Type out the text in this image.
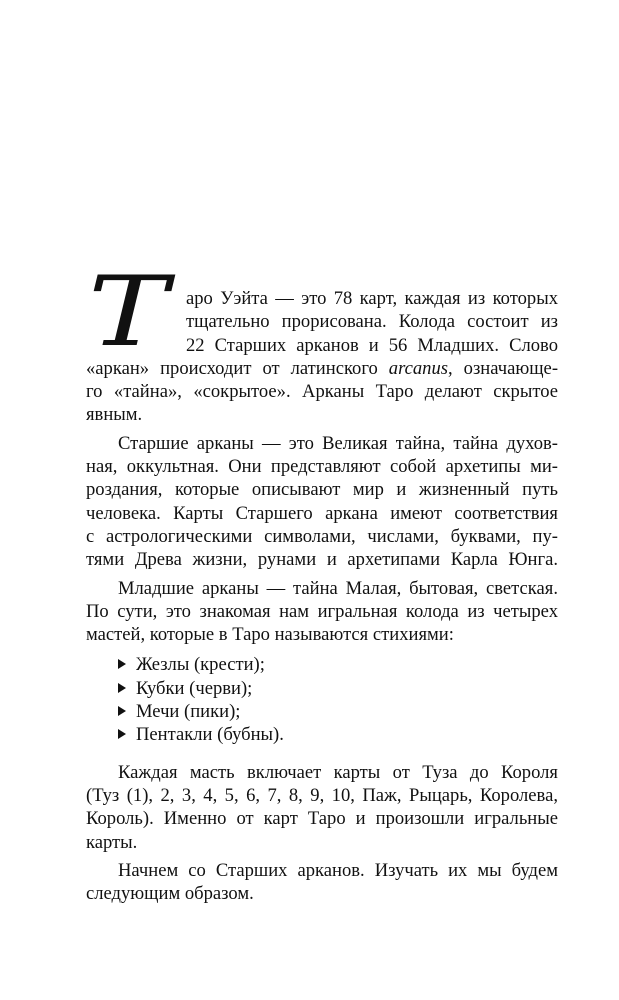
Т аро Уэйта — это 78 карт, каждая из которых
тщательно прорисована. Колода состоит из
22 Старших арканов и 56 Младших. Слово
«аркан» происходит от латинского arcanus, означающе-
го «тайна», «сокрытое». Арканы Таро делают скрытое
явным.
Старшие арканы — это Великая тайна, тайна духов-
ная, оккультная. Они представляют собой архетипы ми-
роздания, которые описывают мир и жизненный путь
человека. Карты Старшего аркана имеют соответствия
с астрологическими символами, числами, буквами, пу-
тями Древа жизни, рунами и архетипами Карла Юнга.
Младшие арканы — тайна Малая, бытовая, светская.
По сути, это знакомая нам игральная колода из четырех
мастей, которые в Таро называются стихиями:
Жезлы (крести);
Кубки (черви);
Мечи (пики);
Пентакли (бубны).
Каждая масть включает карты от Туза до Короля
(Туз (1), 2, 3, 4, 5, 6, 7, 8, 9, 10, Паж, Рыцарь, Королева,
Король). Именно от карт Таро и произошли игральные
карты.
Начнем со Старших арканов. Изучать их мы будем
следующим образом.
